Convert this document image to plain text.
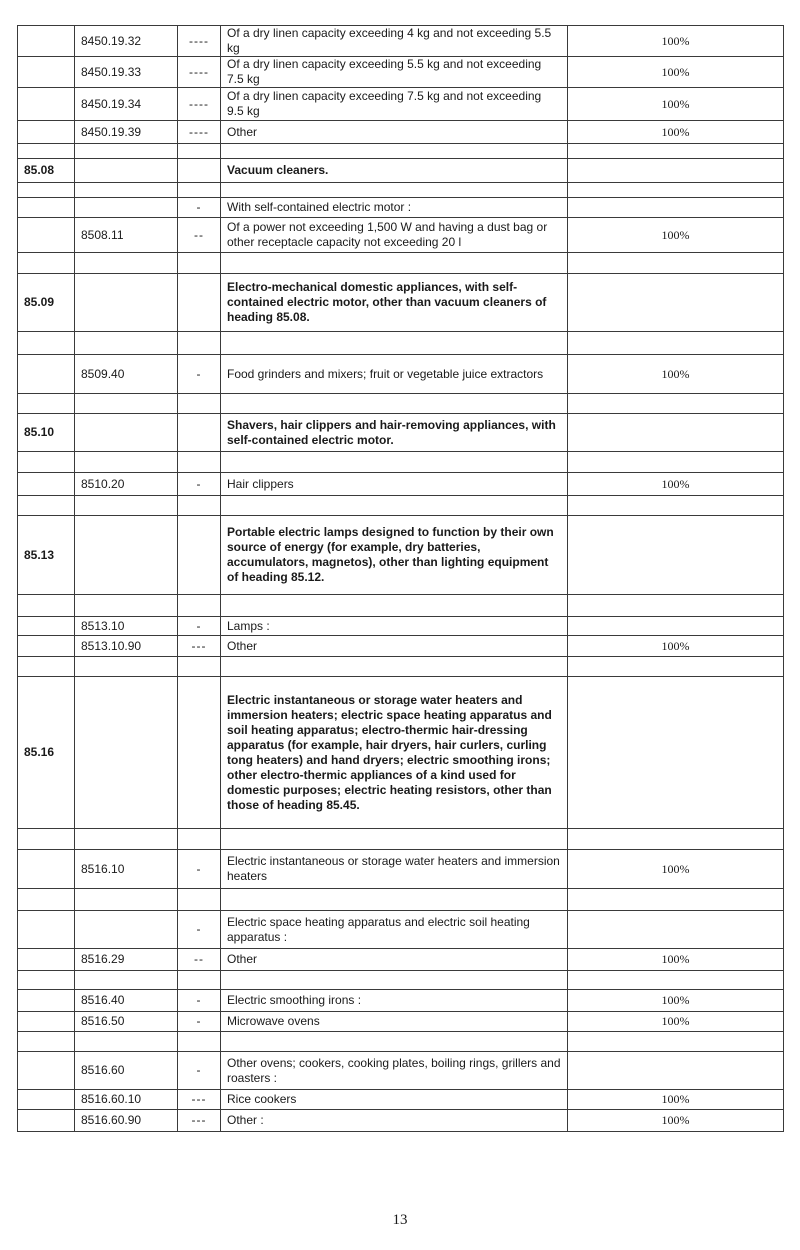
	8450.19.32	----	Of a dry linen capacity exceeding 4 kg and not exceeding 5.5 kg	100%
	8450.19.33	----	Of a dry linen capacity exceeding 5.5 kg and not exceeding 7.5 kg	100%
	8450.19.34	----	Of a dry linen capacity exceeding 7.5 kg and not exceeding 9.5 kg	100%
	8450.19.39	----	Other	100%

85.08			Vacuum cleaners.	

		-	With self-contained electric motor :	
	8508.11	--	Of a power not exceeding 1,500 W and having a dust bag or other receptacle capacity not exceeding 20 l	100%

85.09			Electro-mechanical domestic appliances, with self-contained electric motor, other than vacuum cleaners of heading 85.08.	

	8509.40	-	Food grinders and mixers; fruit or vegetable juice extractors	100%

85.10			Shavers, hair clippers and hair-removing appliances, with self-contained electric motor.	

	8510.20	-	Hair clippers	100%

85.13			Portable electric lamps designed to function by their own source of energy (for example, dry batteries, accumulators, magnetos), other than lighting equipment of heading 85.12.	

	8513.10	-	Lamps :	
	8513.10.90	---	Other	100%

85.16			Electric instantaneous or storage water heaters and immersion heaters; electric space heating apparatus and soil heating apparatus; electro-thermic hair-dressing apparatus (for example, hair dryers, hair curlers, curling tong heaters) and hand dryers; electric smoothing irons; other electro-thermic appliances of a kind used for domestic purposes; electric heating resistors, other than those of heading 85.45.	

	8516.10	-	Electric instantaneous or storage water heaters and immersion heaters	100%

		-	Electric space heating apparatus and electric soil heating apparatus :	
	8516.29	--	Other	100%

	8516.40	-	Electric smoothing irons :	100%
	8516.50	-	Microwave ovens	100%

	8516.60	-	Other ovens; cookers, cooking plates, boiling rings, grillers and roasters :	
	8516.60.10	---	Rice cookers	100%
	8516.60.90	---	Other :	100%
13
